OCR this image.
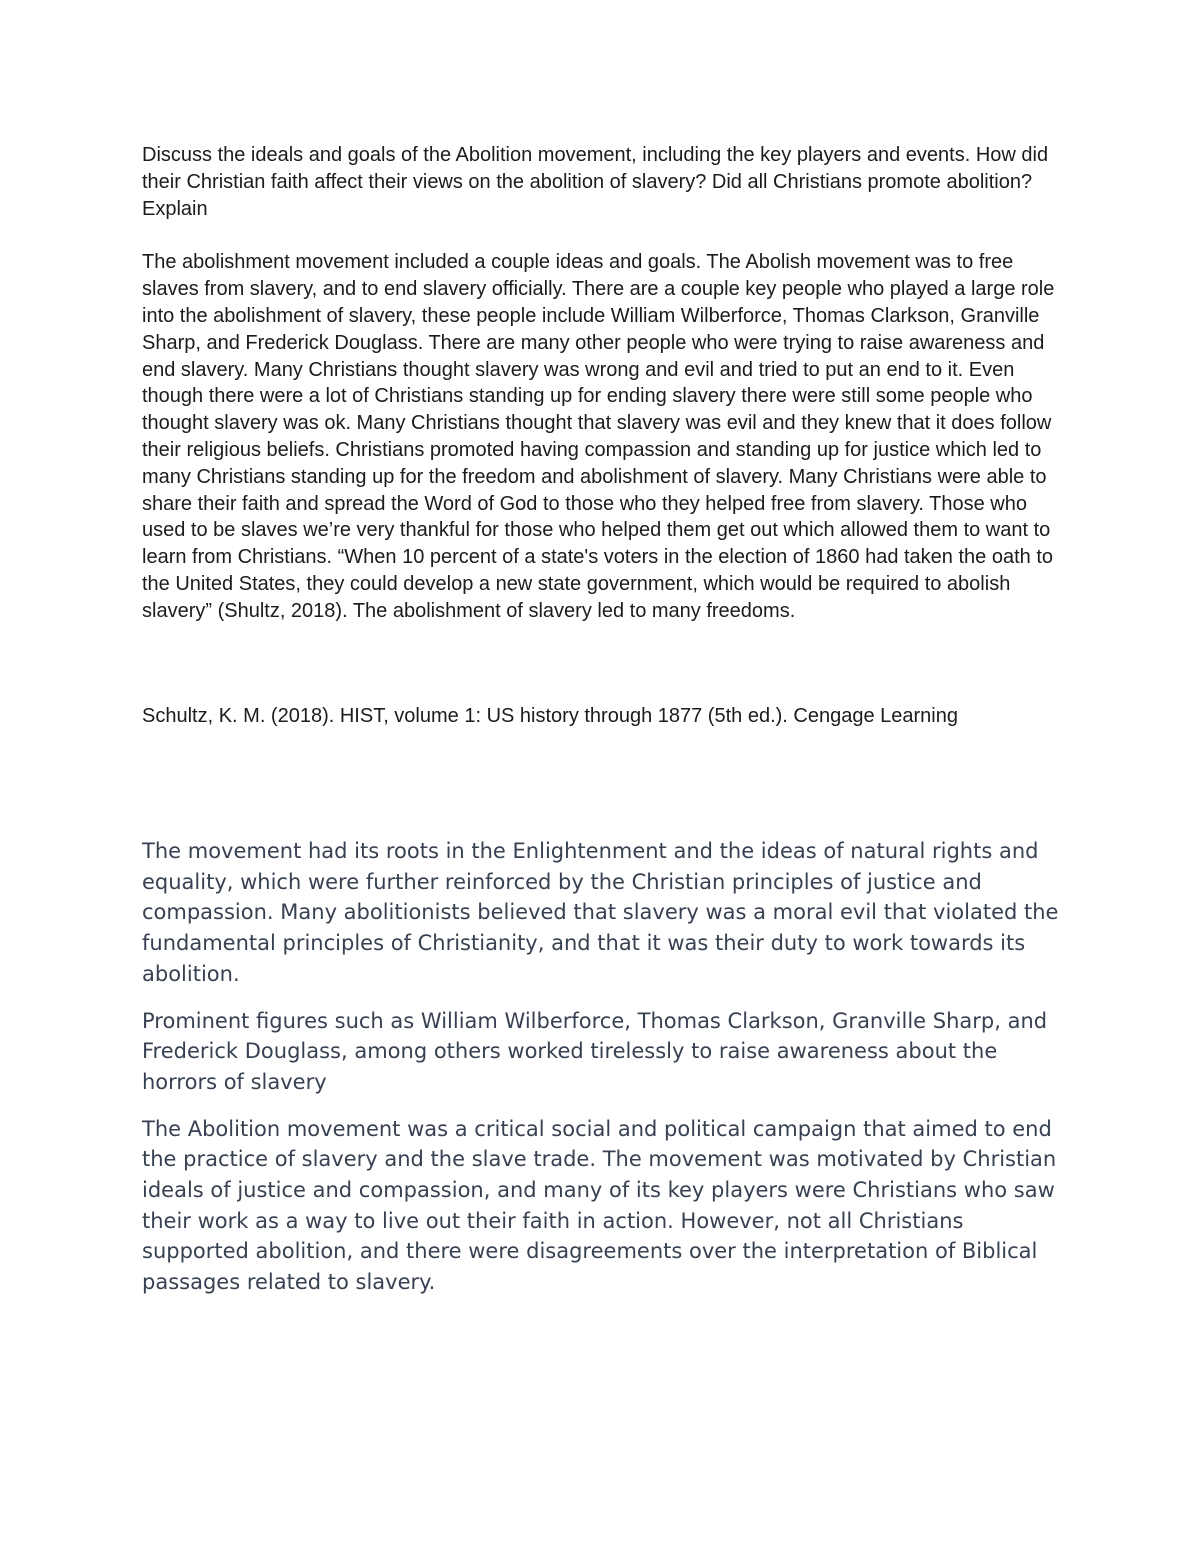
Discuss the ideals and goals of the Abolition movement, including the key players and events. How did their Christian faith affect their views on the abolition of slavery? Did all Christians promote abolition? Explain

The abolishment movement included a couple ideas and goals. The Abolish movement was to free slaves from slavery, and to end slavery officially. There are a couple key people who played a large role into the abolishment of slavery, these people include William Wilberforce, Thomas Clarkson, Granville Sharp, and Frederick Douglass. There are many other people who were trying to raise awareness and end slavery. Many Christians thought slavery was wrong and evil and tried to put an end to it. Even though there were a lot of Christians standing up for ending slavery there were still some people who thought slavery was ok. Many Christians thought that slavery was evil and they knew that it does follow their religious beliefs. Christians promoted having compassion and standing up for justice which led to many Christians standing up for the freedom and abolishment of slavery. Many Christians were able to share their faith and spread the Word of God to those who they helped free from slavery. Those who used to be slaves we’re very thankful for those who helped them get out which allowed them to want to learn from Christians. “When 10 percent of a state's voters in the election of 1860 had taken the oath to the United States, they could develop a new state government, which would be required to abolish slavery” (Shultz, 2018). The abolishment of slavery led to many freedoms.

Schultz, K. M. (2018). HIST, volume 1: US history through 1877 (5th ed.). Cengage Learning

The movement had its roots in the Enlightenment and the ideas of natural rights and equality, which were further reinforced by the Christian principles of justice and compassion. Many abolitionists believed that slavery was a moral evil that violated the fundamental principles of Christianity, and that it was their duty to work towards its abolition.

Prominent figures such as William Wilberforce, Thomas Clarkson, Granville Sharp, and Frederick Douglass, among others worked tirelessly to raise awareness about the horrors of slavery

The Abolition movement was a critical social and political campaign that aimed to end the practice of slavery and the slave trade. The movement was motivated by Christian ideals of justice and compassion, and many of its key players were Christians who saw their work as a way to live out their faith in action. However, not all Christians supported abolition, and there were disagreements over the interpretation of Biblical passages related to slavery.
